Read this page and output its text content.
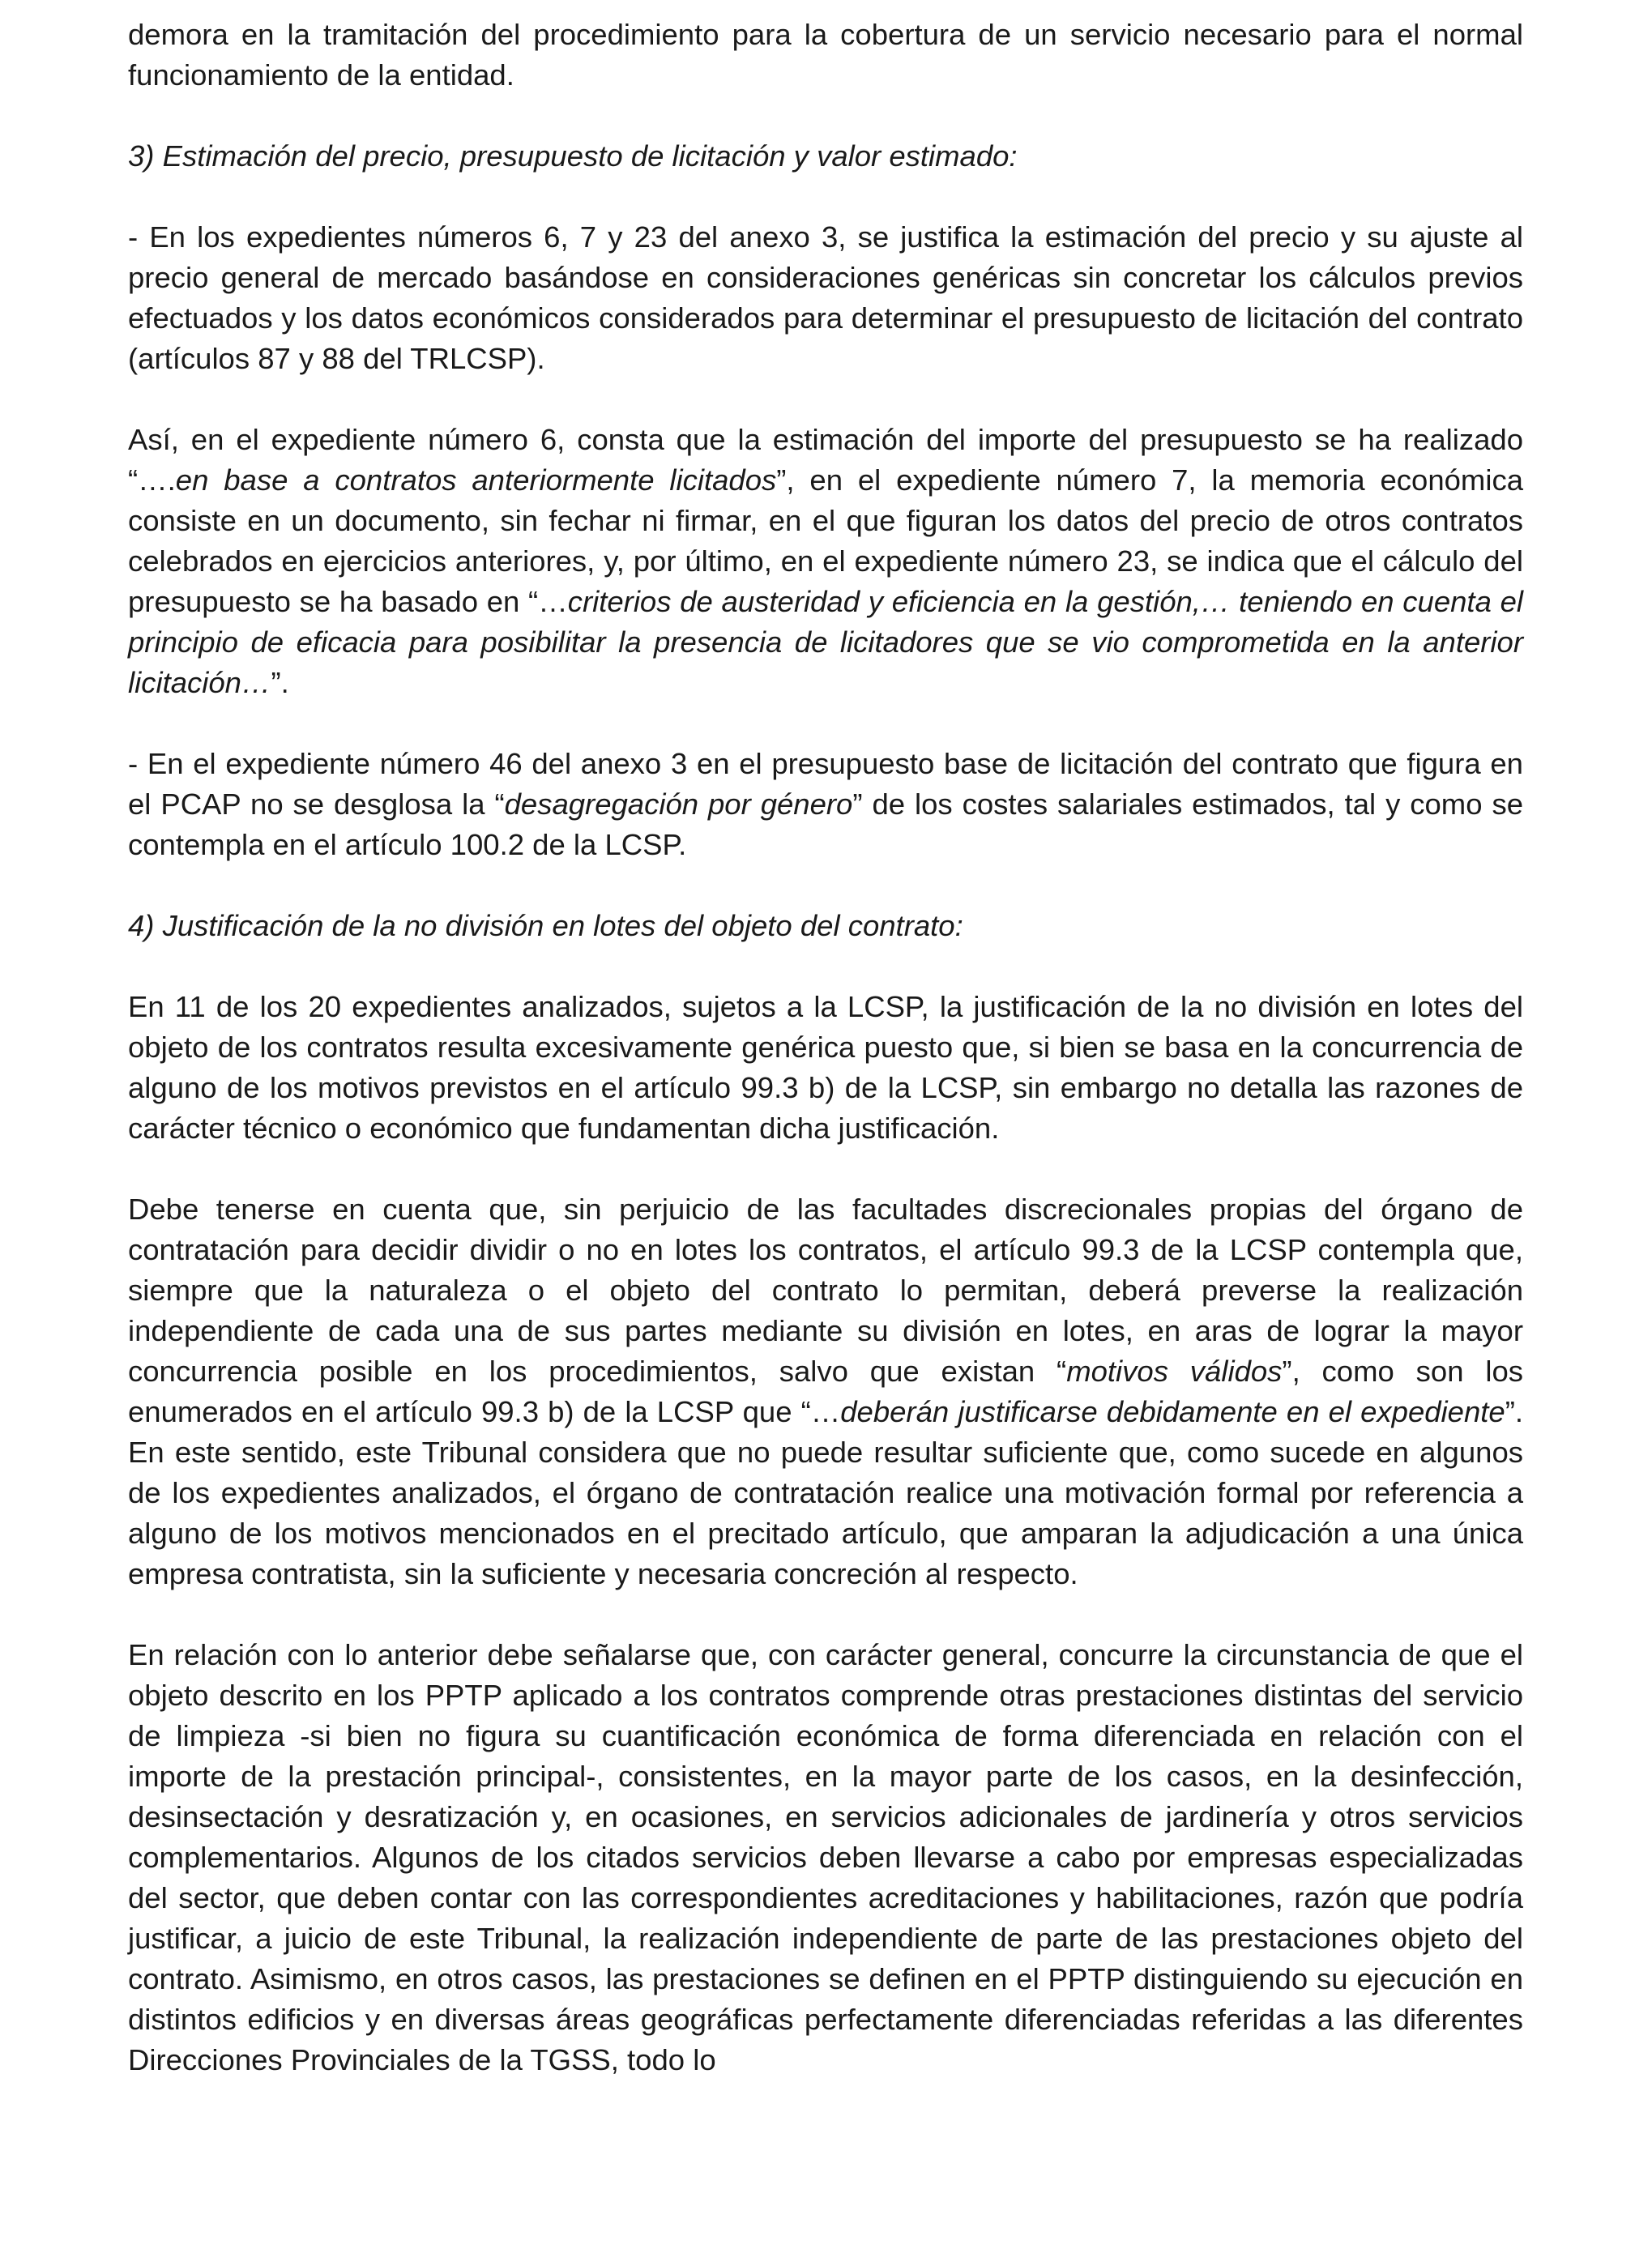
demora en la tramitación del procedimiento para la cobertura de un servicio necesario para el normal funcionamiento de la entidad.

3) Estimación del precio, presupuesto de licitación y valor estimado:

- En los expedientes números 6, 7 y 23 del anexo 3, se justifica la estimación del precio y su ajuste al precio general de mercado basándose en consideraciones genéricas sin concretar los cálculos previos efectuados y los datos económicos considerados para determinar el presupuesto de licitación del contrato (artículos 87 y 88 del TRLCSP).

Así, en el expediente número 6, consta que la estimación del importe del presupuesto se ha realizado “….en base a contratos anteriormente licitados”, en el expediente número 7, la memoria económica consiste en un documento, sin fechar ni firmar, en el que figuran los datos del precio de otros contratos celebrados en ejercicios anteriores, y, por último, en el expediente número 23, se indica que el cálculo del presupuesto se ha basado en “…criterios de austeridad y eficiencia en la gestión,… teniendo en cuenta el principio de eficacia para posibilitar la presencia de licitadores que se vio comprometida en la anterior licitación…”.

- En el expediente número 46 del anexo 3 en el presupuesto base de licitación del contrato que figura en el PCAP no se desglosa la “desagregación por género” de los costes salariales estimados, tal y como se contempla en el artículo 100.2 de la LCSP.

4) Justificación de la no división en lotes del objeto del contrato:

En 11 de los 20 expedientes analizados, sujetos a la LCSP, la justificación de la no división en lotes del objeto de los contratos resulta excesivamente genérica puesto que, si bien se basa en la concurrencia de alguno de los motivos previstos en el artículo 99.3 b) de la LCSP, sin embargo no detalla las razones de carácter técnico o económico que fundamentan dicha justificación.

Debe tenerse en cuenta que, sin perjuicio de las facultades discrecionales propias del órgano de contratación para decidir dividir o no en lotes los contratos, el artículo 99.3 de la LCSP contempla que, siempre que la naturaleza o el objeto del contrato lo permitan, deberá preverse la realización independiente de cada una de sus partes mediante su división en lotes, en aras de lograr la mayor concurrencia posible en los procedimientos, salvo que existan “motivos válidos”, como son los enumerados en el artículo 99.3 b) de la LCSP que “…deberán justificarse debidamente en el expediente”. En este sentido, este Tribunal considera que no puede resultar suficiente que, como sucede en algunos de los expedientes analizados, el órgano de contratación realice una motivación formal por referencia a alguno de los motivos mencionados en el precitado artículo, que amparan la adjudicación a una única empresa contratista, sin la suficiente y necesaria concreción al respecto.

En relación con lo anterior debe señalarse que, con carácter general, concurre la circunstancia de que el objeto descrito en los PPTP aplicado a los contratos comprende otras prestaciones distintas del servicio de limpieza -si bien no figura su cuantificación económica de forma diferenciada en relación con el importe de la prestación principal-, consistentes, en la mayor parte de los casos, en la desinfección, desinsectación y desratización y, en ocasiones, en servicios adicionales de jardinería y otros servicios complementarios. Algunos de los citados servicios deben llevarse a cabo por empresas especializadas del sector, que deben contar con las correspondientes acreditaciones y habilitaciones, razón que podría justificar, a juicio de este Tribunal, la realización independiente de parte de las prestaciones objeto del contrato. Asimismo, en otros casos, las prestaciones se definen en el PPTP distinguiendo su ejecución en distintos edificios y en diversas áreas geográficas perfectamente diferenciadas referidas a las diferentes Direcciones Provinciales de la TGSS, todo lo
